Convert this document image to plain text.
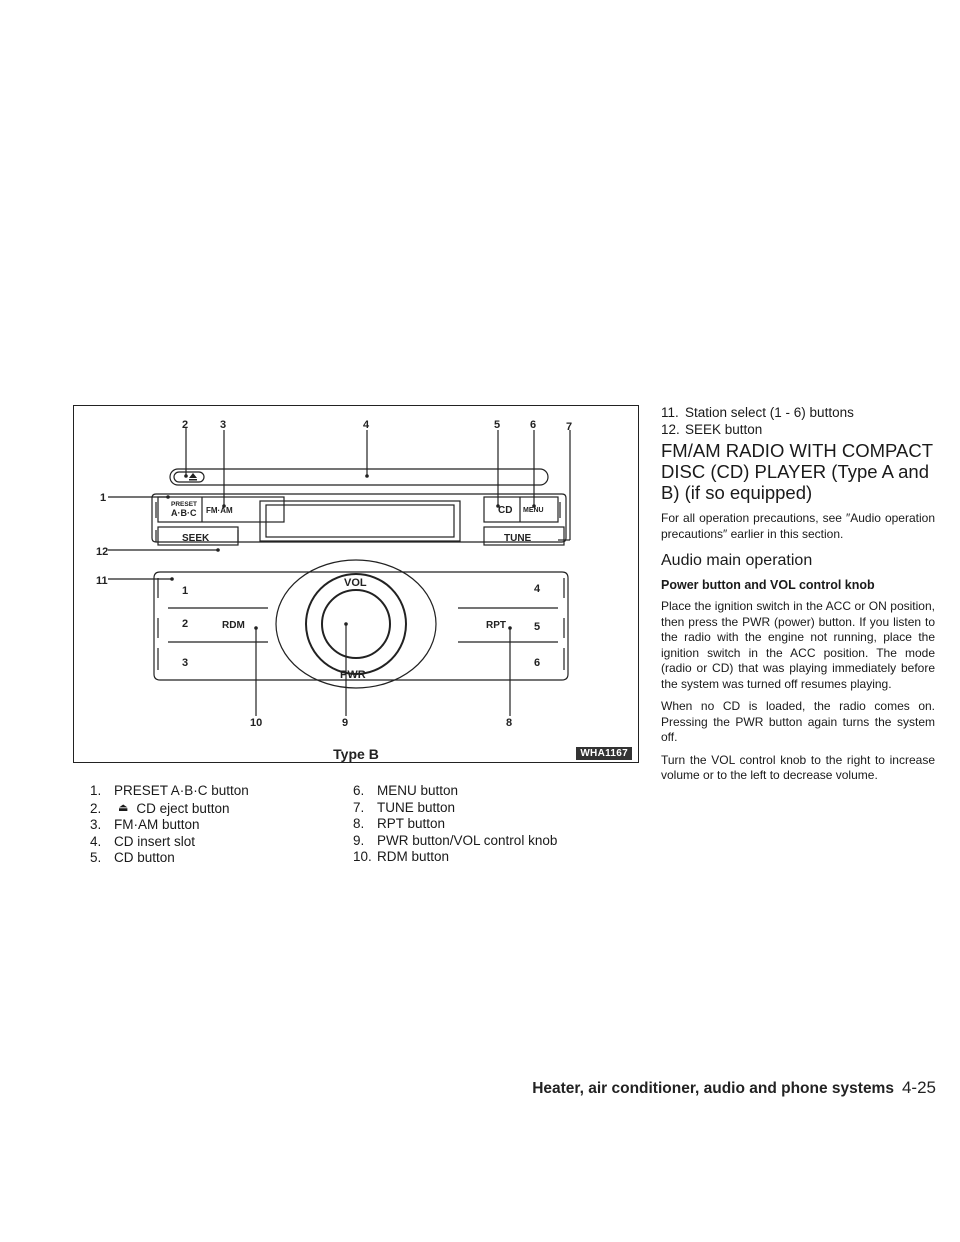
2	3	4	5	6	7
1
12
11
10	9	8
PRESET
A·B·C FM·AM	CD MENU
SEEK	TUNE
VOL
PWR
RDM	RPT
1
2
3
4
5
6
WHA1167
Type B
1. PRESET A·B·C button
2. ⏏ CD eject button
3. FM·AM button
4. CD insert slot
5. CD button
6. MENU button
7. TUNE button
8. RPT button
9. PWR button/VOL control knob
10. RDM button
11. Station select (1 - 6) buttons
12. SEEK button
FM/AM RADIO WITH COMPACT DISC (CD) PLAYER (Type A and B) (if so equipped)

For all operation precautions, see ″Audio operation precautions″ earlier in this section.

Audio main operation
Power button and VOL control knob

Place the ignition switch in the ACC or ON position, then press the PWR (power) button. If you listen to the radio with the engine not running, place the ignition switch in the ACC position. The mode (radio or CD) that was playing immediately before the system was turned off resumes playing.

When no CD is loaded, the radio comes on. Pressing the PWR button again turns the system off.

Turn the VOL control knob to the right to increase volume or to the left to decrease volume.

Heater, air conditioner, audio and phone systems 4-25
